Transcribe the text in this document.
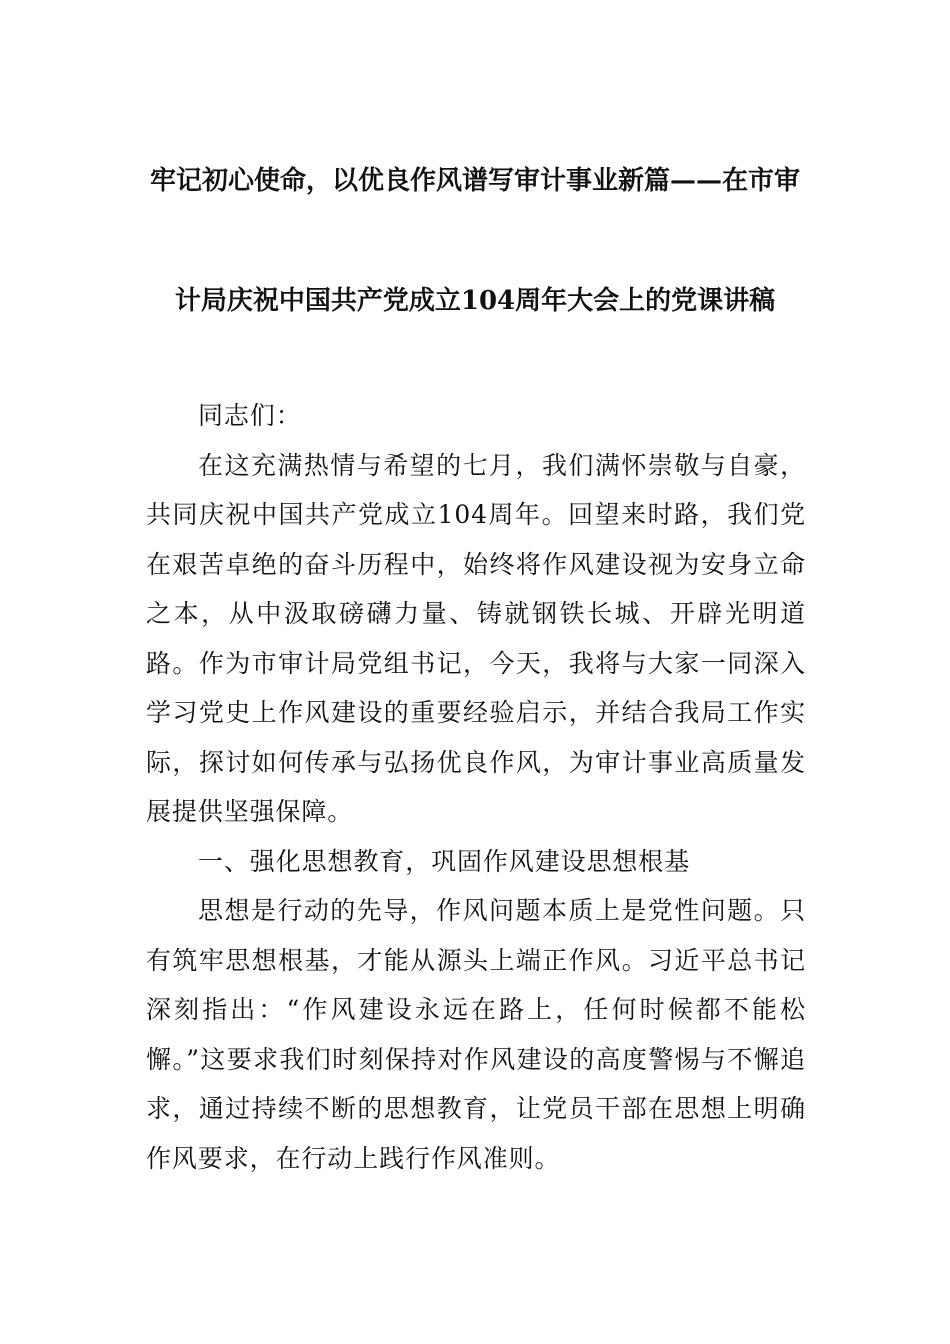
牢记初心使命，以优良作风谱写审计事业新篇——在市审
计局庆祝中国共产党成立104周年大会上的党课讲稿

同志们：

在这充满热情与希望的七月，我们满怀崇敬与自豪，共同庆祝中国共产党成立104周年。回望来时路，我们党在艰苦卓绝的奋斗历程中，始终将作风建设视为安身立命之本，从中汲取磅礴力量、铸就钢铁长城、开辟光明道路。作为市审计局党组书记，今天，我将与大家一同深入学习党史上作风建设的重要经验启示，并结合我局工作实际，探讨如何传承与弘扬优良作风，为审计事业高质量发展提供坚强保障。

一、强化思想教育，巩固作风建设思想根基

思想是行动的先导，作风问题本质上是党性问题。只有筑牢思想根基，才能从源头上端正作风。习近平总书记深刻指出：“作风建设永远在路上，任何时候都不能松懈。”这要求我们时刻保持对作风建设的高度警惕与不懈追求，通过持续不断的思想教育，让党员干部在思想上明确作风要求，在行动上践行作风准则。
